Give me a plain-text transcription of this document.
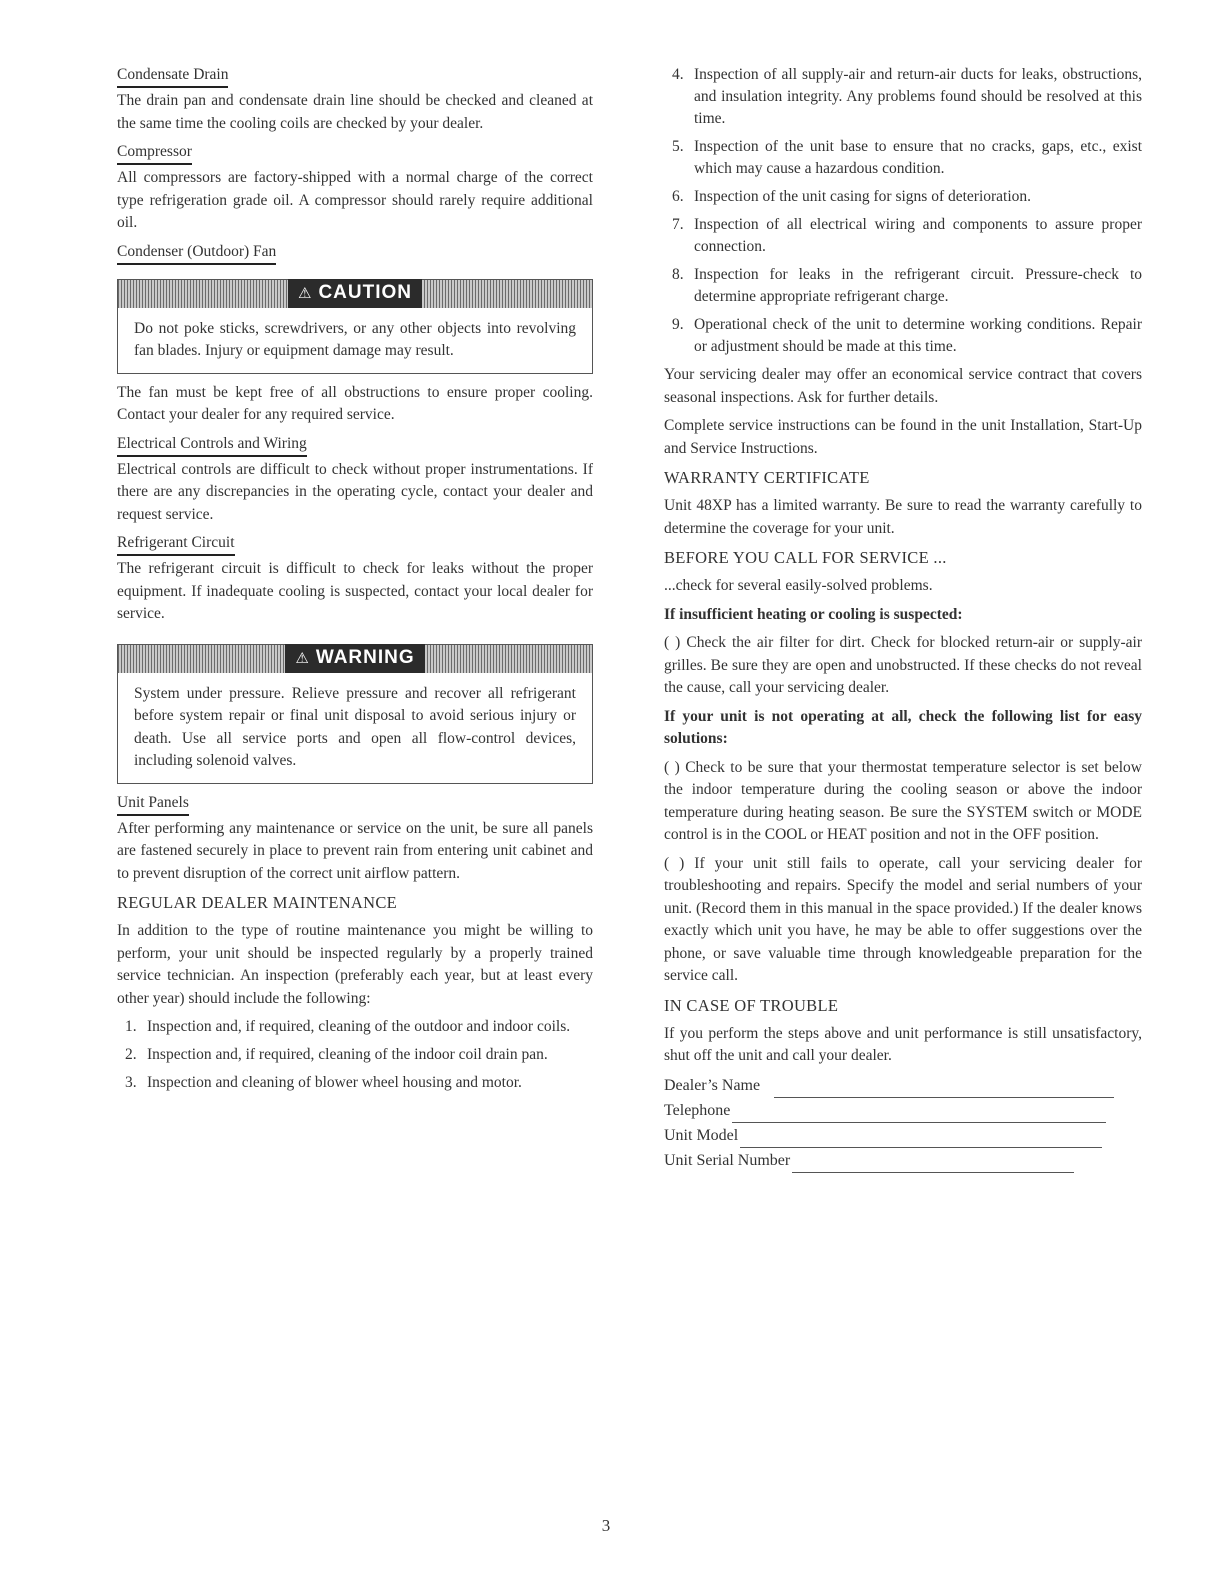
Condensate Drain

The drain pan and condensate drain line should be checked and cleaned at the same time the cooling coils are checked by your dealer.

Compressor

All compressors are factory-shipped with a normal charge of the correct type refrigeration grade oil. A compressor should rarely require additional oil.

Condenser (Outdoor) Fan
⚠ CAUTION

Do not poke sticks, screwdrivers, or any other objects into revolving fan blades. Injury or equipment damage may result.

The fan must be kept free of all obstructions to ensure proper cooling. Contact your dealer for any required service.

Electrical Controls and Wiring

Electrical controls are difficult to check without proper instrumentations. If there are any discrepancies in the operating cycle, contact your dealer and request service.

Refrigerant Circuit

The refrigerant circuit is difficult to check for leaks without the proper equipment. If inadequate cooling is suspected, contact your local dealer for service.

⚠ WARNING

System under pressure. Relieve pressure and recover all refrigerant before system repair or final unit disposal to avoid serious injury or death. Use all service ports and open all flow-control devices, including solenoid valves.

Unit Panels

After performing any maintenance or service on the unit, be sure all panels are fastened securely in place to prevent rain from entering unit cabinet and to prevent disruption of the correct unit airflow pattern.

REGULAR DEALER MAINTENANCE

In addition to the type of routine maintenance you might be willing to perform, your unit should be inspected regularly by a properly trained service technician. An inspection (preferably each year, but at least every other year) should include the following:

1. Inspection and, if required, cleaning of the outdoor and indoor coils.
2. Inspection and, if required, cleaning of the indoor coil drain pan.
3. Inspection and cleaning of blower wheel housing and motor.
4. Inspection of all supply-air and return-air ducts for leaks, obstructions, and insulation integrity. Any problems found should be resolved at this time.
5. Inspection of the unit base to ensure that no cracks, gaps, etc., exist which may cause a hazardous condition.
6. Inspection of the unit casing for signs of deterioration.
7. Inspection of all electrical wiring and components to assure proper connection.
8. Inspection for leaks in the refrigerant circuit. Pressure-check to determine appropriate refrigerant charge.
9. Operational check of the unit to determine working conditions. Repair or adjustment should be made at this time.

Your servicing dealer may offer an economical service contract that covers seasonal inspections. Ask for further details.

Complete service instructions can be found in the unit Installation, Start-Up and Service Instructions.

WARRANTY CERTIFICATE

Unit 48XP has a limited warranty. Be sure to read the warranty carefully to determine the coverage for your unit.

BEFORE YOU CALL FOR SERVICE ...

...check for several easily-solved problems.

If insufficient heating or cooling is suspected:

( ) Check the air filter for dirt. Check for blocked return-air or supply-air grilles. Be sure they are open and unobstructed. If these checks do not reveal the cause, call your servicing dealer.

If your unit is not operating at all, check the following list for easy solutions:

( ) Check to be sure that your thermostat temperature selector is set below the indoor temperature during the cooling season or above the indoor temperature during heating season. Be sure the SYSTEM switch or MODE control is in the COOL or HEAT position and not in the OFF position.

( ) If your unit still fails to operate, call your servicing dealer for troubleshooting and repairs. Specify the model and serial numbers of your unit. (Record them in this manual in the space provided.) If the dealer knows exactly which unit you have, he may be able to offer suggestions over the phone, or save valuable time through knowledgeable preparation for the service call.

IN CASE OF TROUBLE

If you perform the steps above and unit performance is still unsatisfactory, shut off the unit and call your dealer.

Dealer’s Name
Telephone
Unit Model
Unit Serial Number
3
